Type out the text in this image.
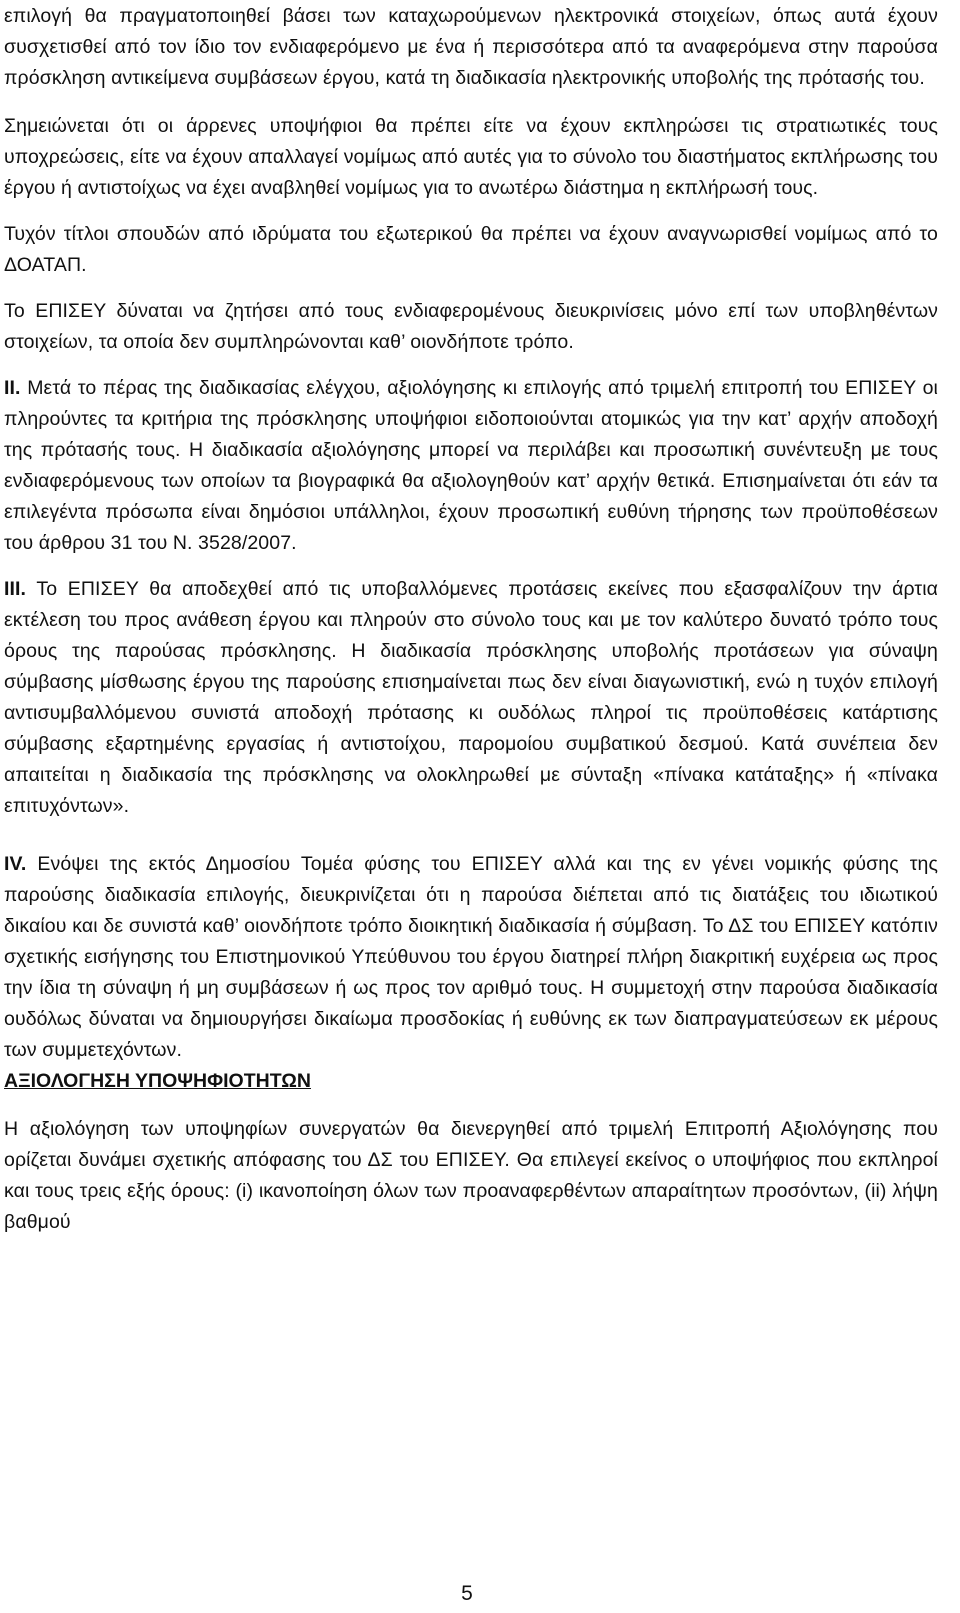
επιλογή θα πραγματοποιηθεί βάσει των καταχωρούμενων ηλεκτρονικά στοιχείων, όπως αυτά έχουν συσχετισθεί από τον ίδιο τον ενδιαφερόμενο με ένα ή περισσότερα από τα αναφερόμενα στην παρούσα πρόσκληση αντικείμενα συμβάσεων έργου, κατά τη διαδικασία ηλεκτρονικής υποβολής της πρότασής του.

Σημειώνεται ότι οι άρρενες υποψήφιοι θα πρέπει είτε να έχουν εκπληρώσει τις στρατιωτικές τους υποχρεώσεις, είτε να έχουν απαλλαγεί νομίμως από αυτές για το σύνολο του διαστήματος εκπλήρωσης του έργου ή αντιστοίχως να έχει αναβληθεί νομίμως για το ανωτέρω διάστημα η εκπλήρωσή τους.

Τυχόν τίτλοι σπουδών από ιδρύματα του εξωτερικού θα πρέπει να έχουν αναγνωρισθεί νομίμως από το ΔΟΑΤΑΠ.

Το ΕΠΙΣΕΥ δύναται να ζητήσει από τους ενδιαφερομένους διευκρινίσεις μόνο επί των υποβληθέντων στοιχείων, τα οποία δεν συμπληρώνονται καθ’ οιονδήποτε τρόπο.

ΙΙ. Μετά το πέρας της διαδικασίας ελέγχου, αξιολόγησης κι επιλογής από τριμελή επιτροπή του ΕΠΙΣΕΥ οι πληρούντες τα κριτήρια της πρόσκλησης υποψήφιοι ειδοποιούνται ατομικώς για την κατ’ αρχήν αποδοχή της πρότασής τους. Η διαδικασία αξιολόγησης μπορεί να περιλάβει και προσωπική συνέντευξη με τους ενδιαφερόμενους των οποίων τα βιογραφικά θα αξιολογηθούν κατ’ αρχήν θετικά. Επισημαίνεται ότι εάν τα επιλεγέντα πρόσωπα είναι δημόσιοι υπάλληλοι, έχουν προσωπική ευθύνη τήρησης των προϋποθέσεων του άρθρου 31 του Ν. 3528/2007.

ΙΙΙ. Το ΕΠΙΣΕΥ θα αποδεχθεί από τις υποβαλλόμενες προτάσεις εκείνες που εξασφαλίζουν την άρτια εκτέλεση του προς ανάθεση έργου και πληρούν στο σύνολο τους και με τον καλύτερο δυνατό τρόπο τους όρους της παρούσας πρόσκλησης. Η διαδικασία πρόσκλησης υποβολής προτάσεων για σύναψη σύμβασης μίσθωσης έργου της παρούσης επισημαίνεται πως δεν είναι διαγωνιστική, ενώ η τυχόν επιλογή αντισυμβαλλόμενου συνιστά αποδοχή πρότασης κι ουδόλως πληροί τις προϋποθέσεις κατάρτισης σύμβασης εξαρτημένης εργασίας ή αντιστοίχου, παρομοίου συμβατικού δεσμού. Κατά συνέπεια δεν απαιτείται η διαδικασία της πρόσκλησης να ολοκληρωθεί με σύνταξη «πίνακα κατάταξης» ή «πίνακα επιτυχόντων».

IV. Ενόψει της εκτός Δημοσίου Τομέα φύσης του ΕΠΙΣΕΥ αλλά και της εν γένει νομικής φύσης της παρούσης διαδικασία επιλογής, διευκρινίζεται ότι η παρούσα διέπεται από τις διατάξεις του ιδιωτικού δικαίου και δε συνιστά καθ’ οιονδήποτε τρόπο διοικητική διαδικασία ή σύμβαση. Το ΔΣ του ΕΠΙΣΕΥ κατόπιν σχετικής εισήγησης του Επιστημονικού Υπεύθυνου του έργου διατηρεί πλήρη διακριτική ευχέρεια ως προς την ίδια τη σύναψη ή μη συμβάσεων ή ως προς τον αριθμό τους. Η συμμετοχή στην παρούσα διαδικασία ουδόλως δύναται να δημιουργήσει δικαίωμα προσδοκίας ή ευθύνης εκ των διαπραγματεύσεων εκ μέρους των συμμετεχόντων.

ΑΞΙΟΛΟΓΗΣΗ ΥΠΟΨΗΦΙΟΤΗΤΩΝ

Η αξιολόγηση των υποψηφίων συνεργατών θα διενεργηθεί από τριμελή Επιτροπή Αξιολόγησης που ορίζεται δυνάμει σχετικής απόφασης του ΔΣ του ΕΠΙΣΕΥ. Θα επιλεγεί εκείνος ο υποψήφιος που εκπληροί και τους τρεις εξής όρους: (i) ικανοποίηση όλων των προαναφερθέντων απαραίτητων προσόντων, (ii) λήψη βαθμού

5
